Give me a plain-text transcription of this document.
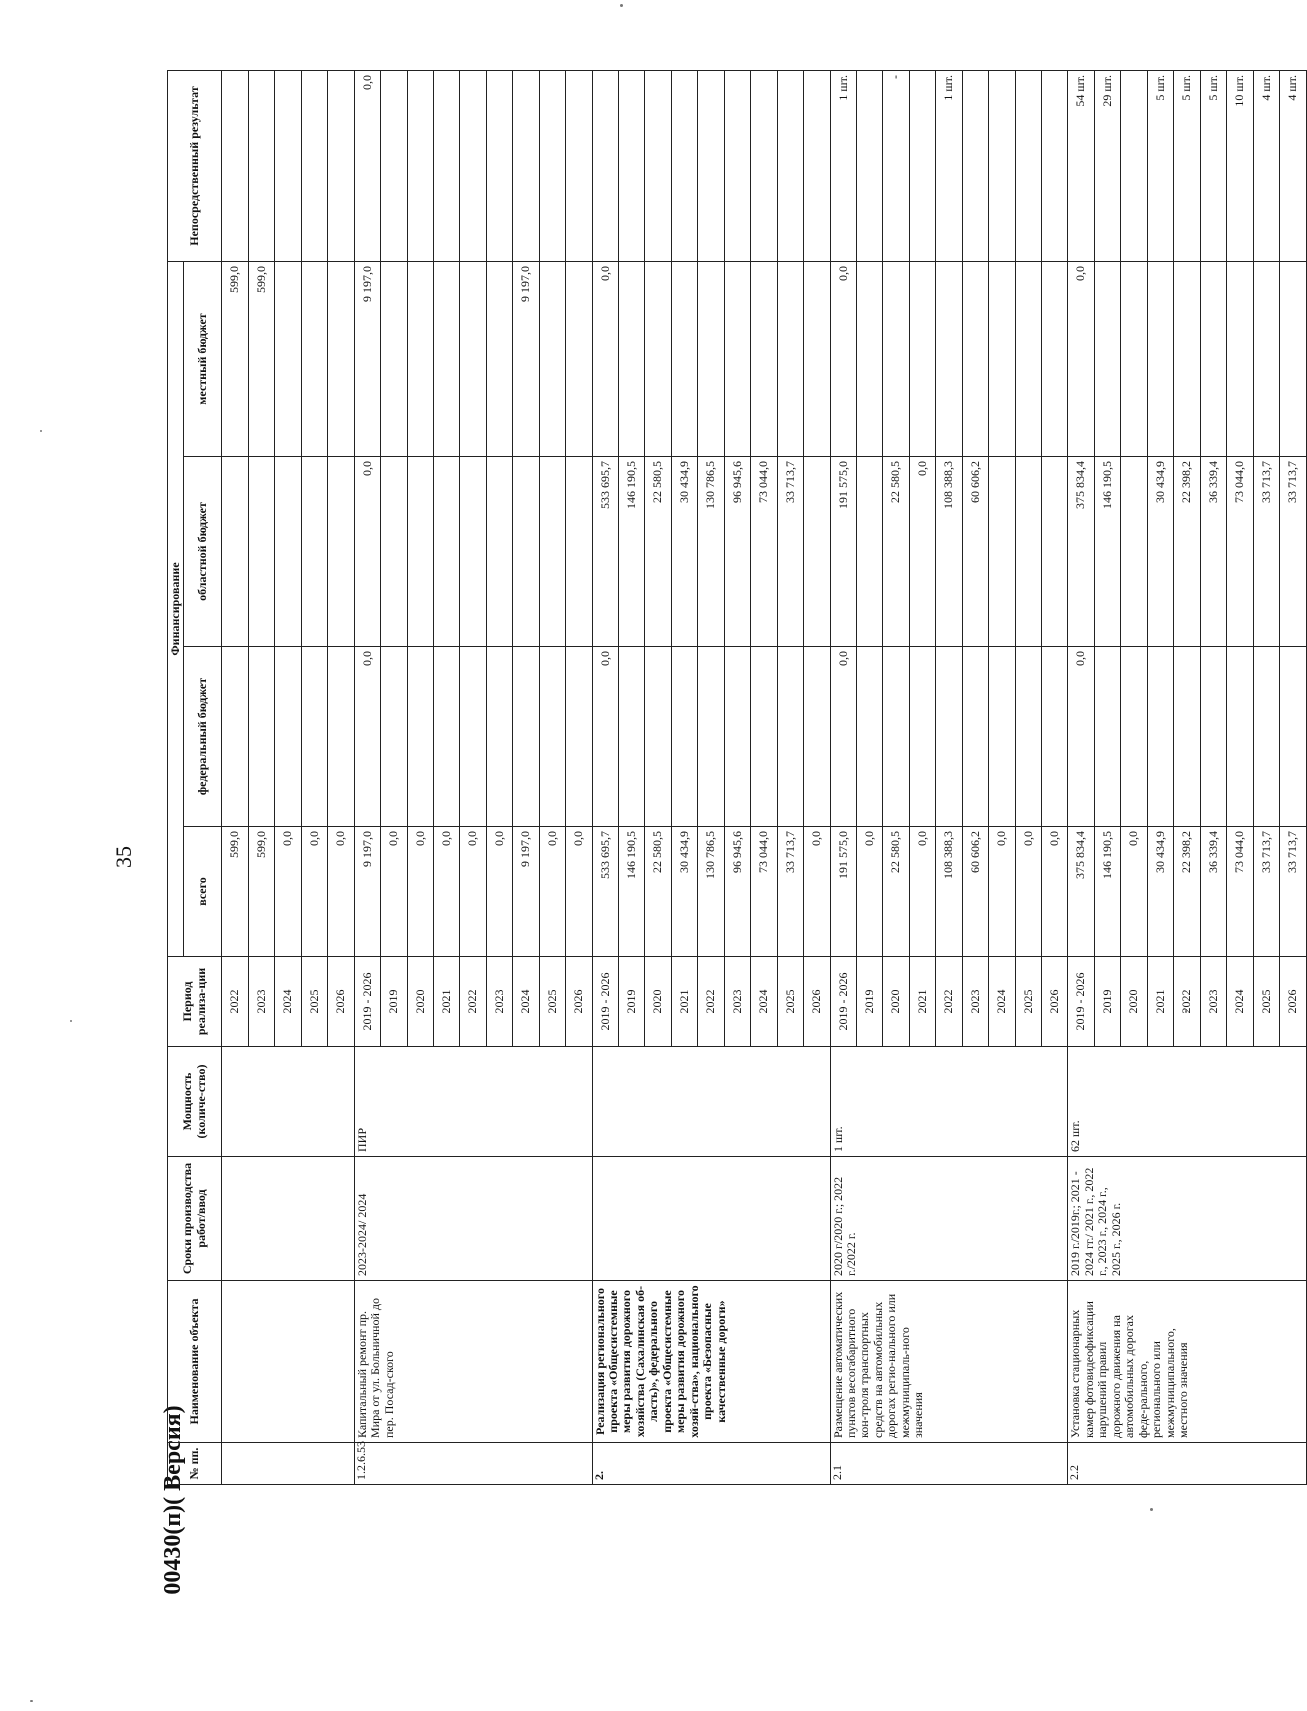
35
00430(п)( Версия) № пп.	Наименование объекта	Сроки производства работ/ввод	Мощность (количе-ство)	Период реализа-ции	Финансирование				Непосредственный результат
					всего	федеральный бюджет	областной бюджет	местный бюджет	
				2022	599,0			599,0	
				2023	599,0			599,0	
				2024	0,0				
				2025	0,0				
				2026	0,0				
1.2.6.53	Капитальный ремонт пр. Мира от ул. Больничной до пер. Посад-ского	2023-2024/ 2024	ПИР	2019 - 2026	9 197,0	0,0	0,0	9 197,0	0,0
				2019	0,0				
				2020	0,0				
				2021	0,0				
				2022	0,0				
				2023	0,0				
				2024	9 197,0			9 197,0	
				2025	0,0				
				2026	0,0				
2.	Реализация регионального проекта «Общесистемные меры развития дорожного хозяйства (Сахалинская об-ласть)», федерального проекта «Общесистемные меры развития дорожного хозяй-ства», национального проекта «Безопасные качественные дороги»			2019 - 2026	533 695,7	0,0	533 695,7	0,0	
				2019	146 190,5		146 190,5		
				2020	22 580,5		22 580,5		
				2021	30 434,9		30 434,9		
				2022	130 786,5		130 786,5		
				2023	96 945,6		96 945,6		
				2024	73 044,0		73 044,0		
				2025	33 713,7		33 713,7		
				2026	0,0				
2.1	Размещение автоматических пунктов весогабаритного кон-троля транспортных средств на автомобильных дорогах регио-нального или межмуниципаль-ного значения	2020 г/2020 г.; 2022 г./2022 г.	1 шт.	2019 - 2026	191 575,0	0,0	191 575,0	0,0	1 шт.
				2019	0,0				
				2020	22 580,5		22 580,5		-
				2021	0,0		0,0		
				2022	108 388,3		108 388,3		1 шт.
				2023	60 606,2		60 606,2		
				2024	0,0				
				2025	0,0				
				2026	0,0				
2.2	Установка стационарных камер фотовидеофиксации нарушений правил дорожного движения на автомобильных дорогах феде-рального, регионального или межмуниципального, местного значения	2019 г./2019г.; 2021 - 2024 гг./ 2021 г., 2022 г., 2023 г., 2024 г., 2025 г., 2026 г.	62 шт.	2019 - 2026	375 834,4	0,0	375 834,4	0,0	54 шт.
				2019	146 190,5		146 190,5		29 шт.
				2020	0,0				
				2021	30 434,9		30 434,9		5 шт.
				2022	22 398,2		22 398,2		5 шт.
				2023	36 339,4		36 339,4		5 шт.
				2024	73 044,0		73 044,0		10 шт.
				2025	33 713,7		33 713,7		4 шт.
				2026	33 713,7		33 713,7		4 шт.
